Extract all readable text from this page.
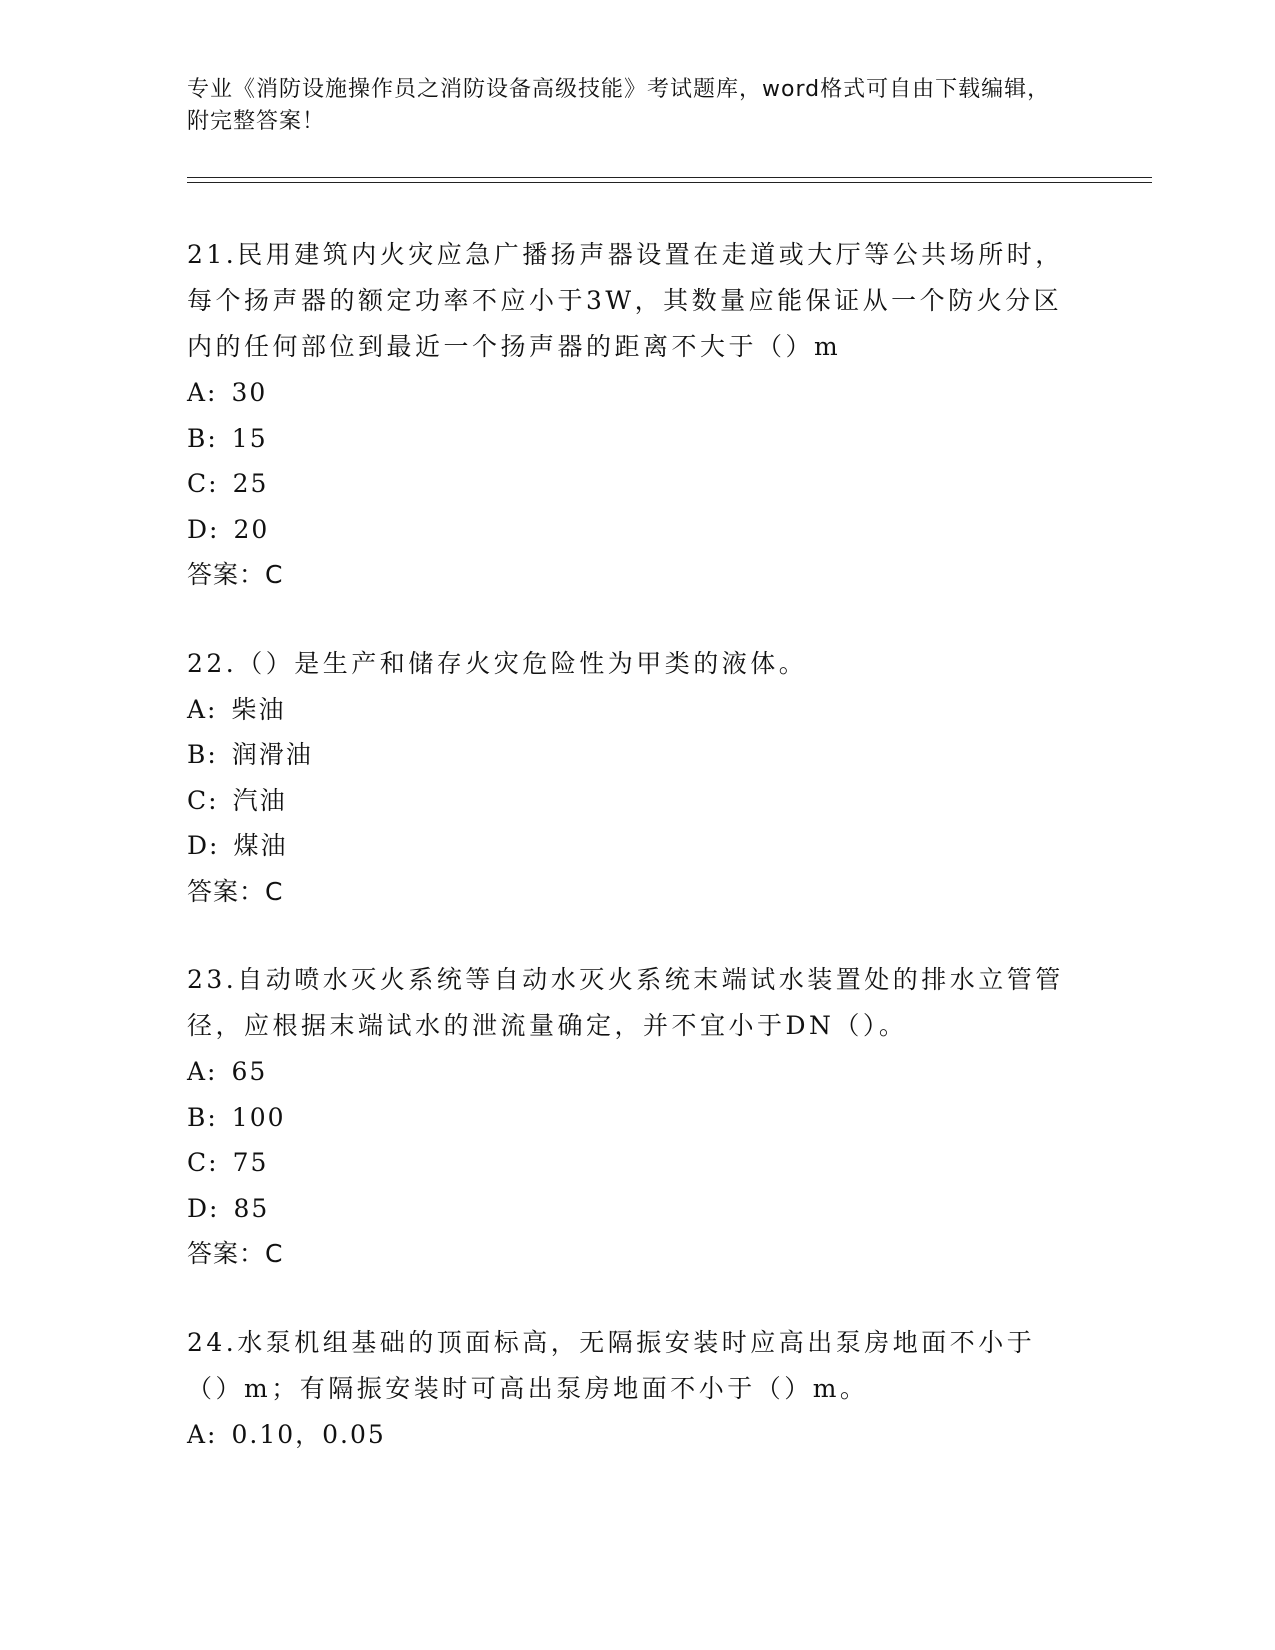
专业《消防设施操作员之消防设备高级技能》考试题库，word格式可自由下载编辑，附完整答案！

21.民用建筑内火灾应急广播扬声器设置在走道或大厅等公共场所时，每个扬声器的额定功率不应小于3W，其数量应能保证从一个防火分区内的任何部位到最近一个扬声器的距离不大于（）m

A: 30

B: 15

C: 25

D: 20

答案：C

22.（）是生产和储存火灾危险性为甲类的液体。

A: 柴油

B: 润滑油

C: 汽油

D: 煤油

答案：C

23.自动喷水灭火系统等自动水灭火系统末端试水装置处的排水立管管径，应根据末端试水的泄流量确定，并不宜小于DN（）。

A: 65

B: 100

C: 75

D: 85

答案：C

24.水泵机组基础的顶面标高，无隔振安装时应高出泵房地面不小于（）m；有隔振安装时可高出泵房地面不小于（）m。

A: 0.10，0.05
